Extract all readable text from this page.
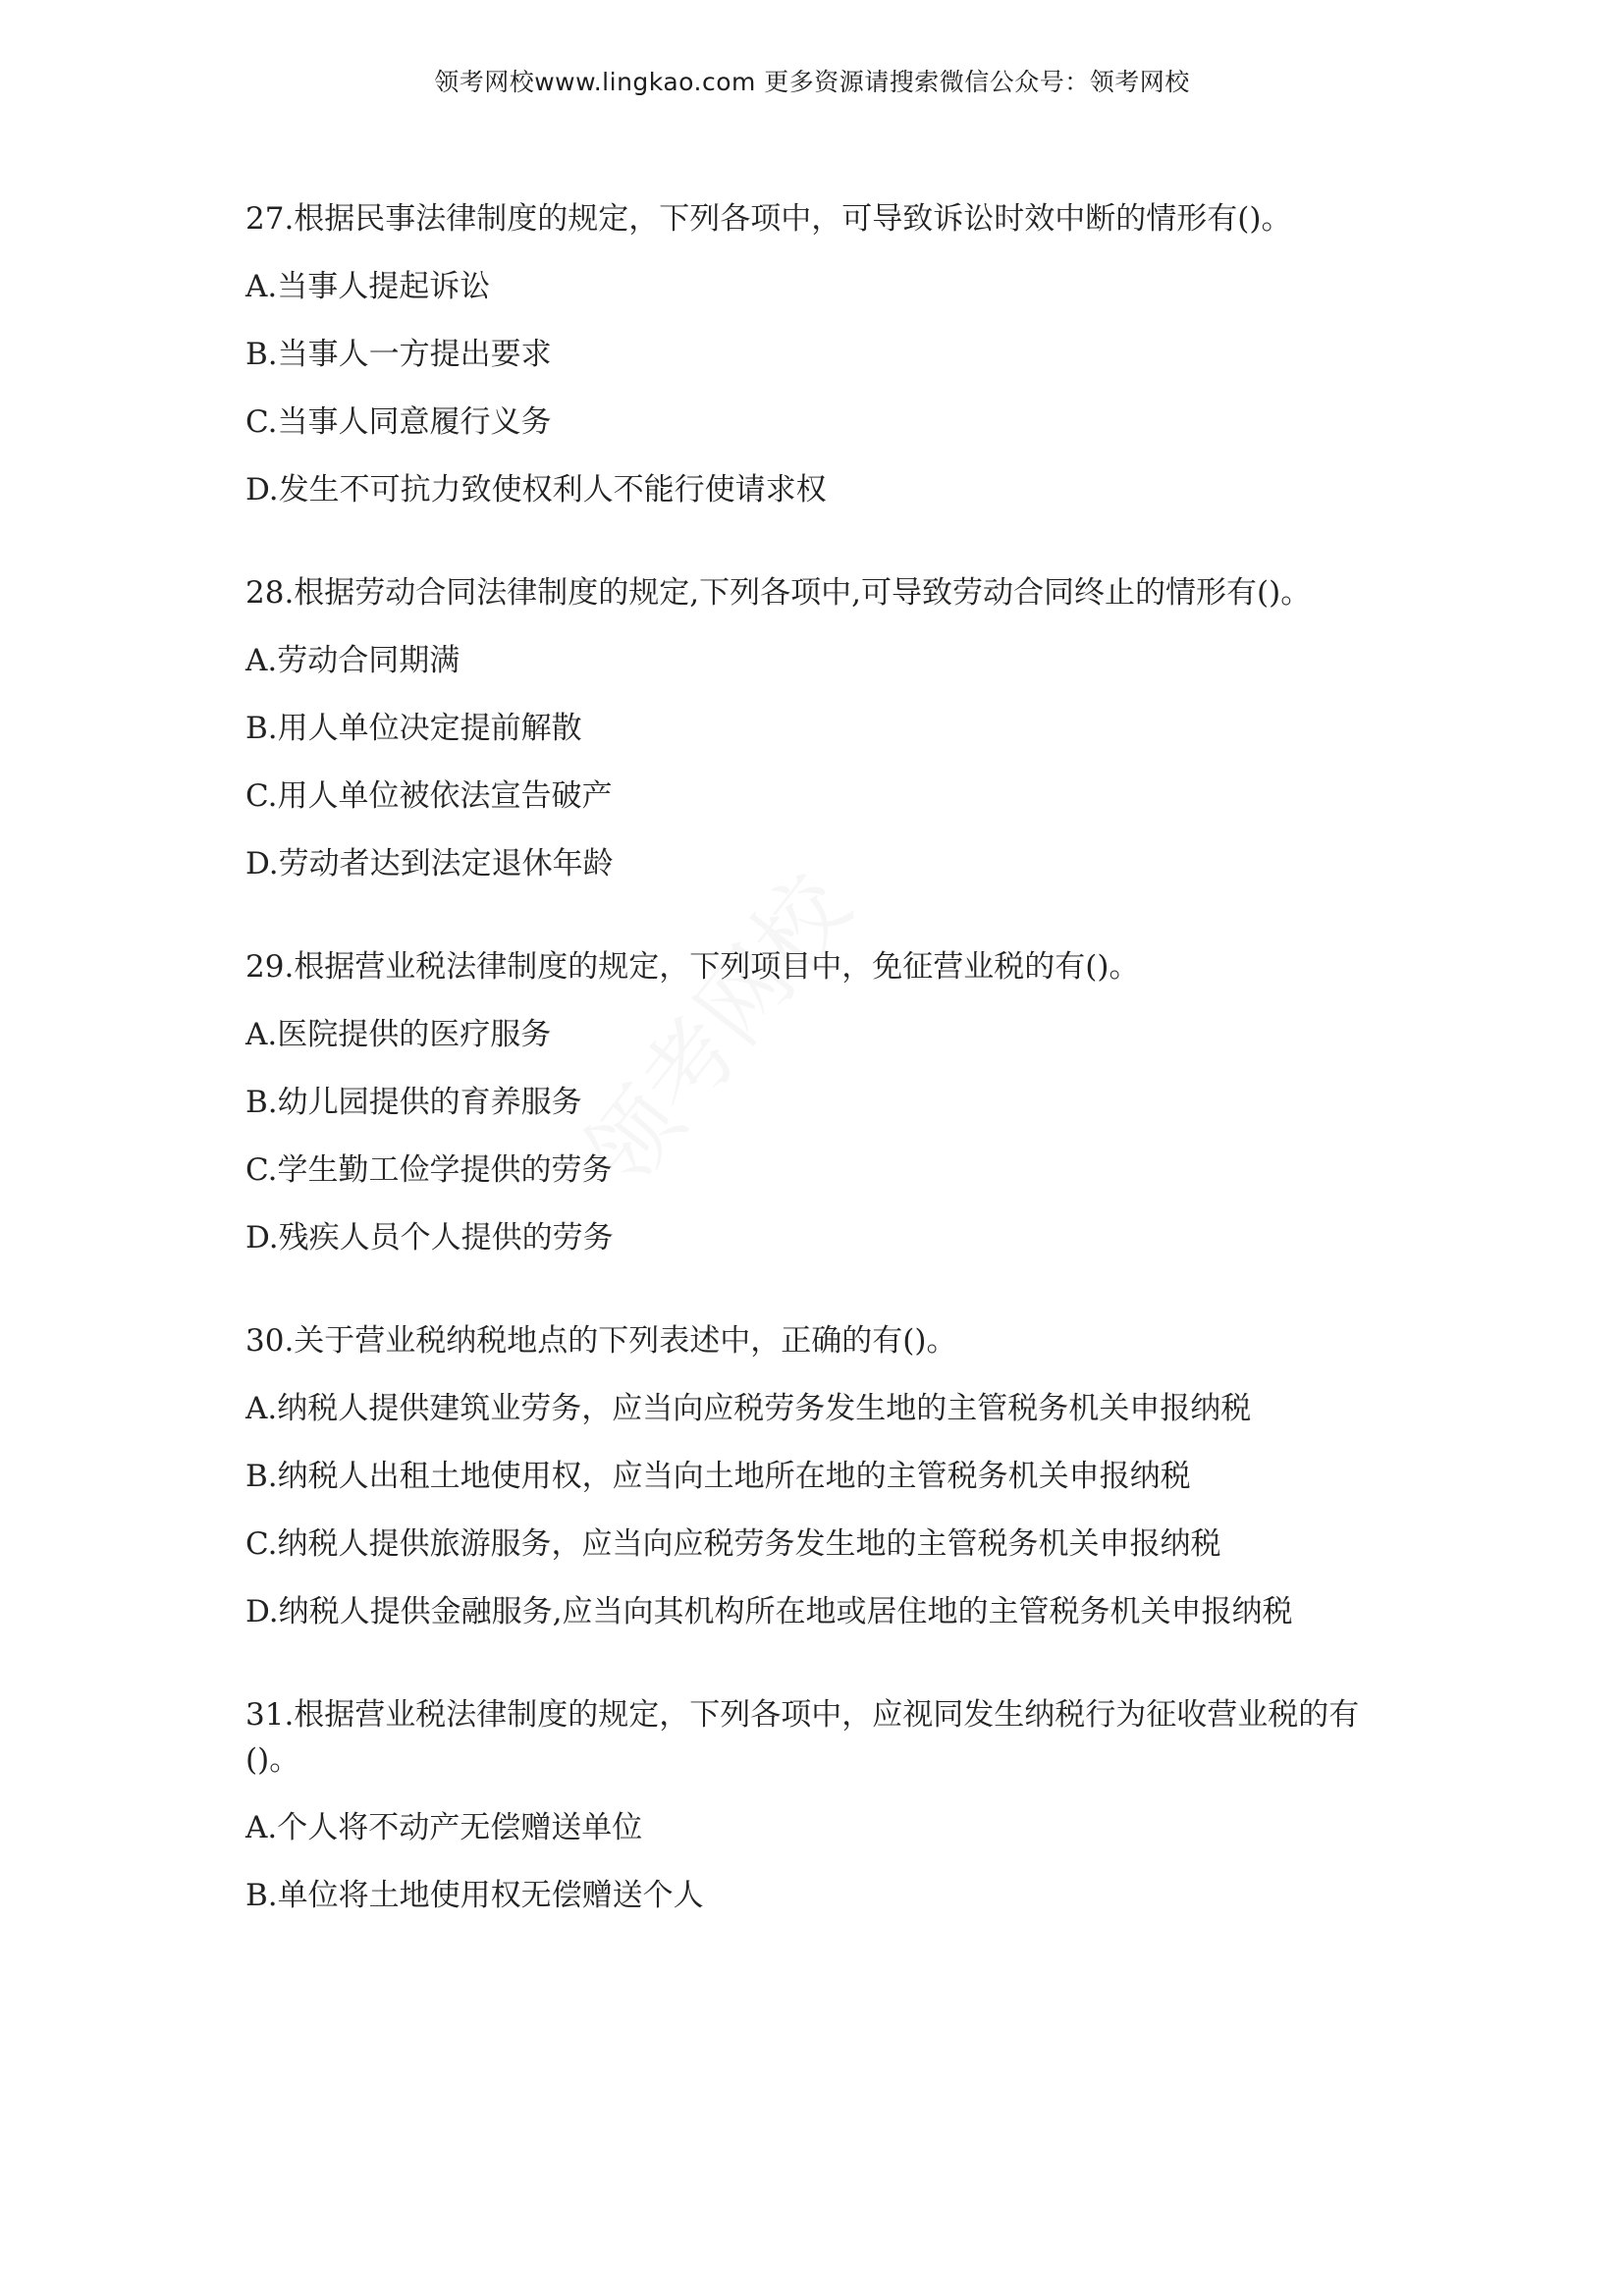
领考网校www.lingkao.com 更多资源请搜索微信公众号：领考网校

27.根据民事法律制度的规定，下列各项中，可导致诉讼时效中断的情形有()。

A.当事人提起诉讼

B.当事人一方提出要求

C.当事人同意履行义务

D.发生不可抗力致使权利人不能行使请求权

28.根据劳动合同法律制度的规定,下列各项中,可导致劳动合同终止的情形有()。

A.劳动合同期满

B.用人单位决定提前解散

C.用人单位被依法宣告破产

D.劳动者达到法定退休年龄

29.根据营业税法律制度的规定，下列项目中，免征营业税的有()。

A.医院提供的医疗服务

B.幼儿园提供的育养服务

C.学生勤工俭学提供的劳务

D.残疾人员个人提供的劳务

30.关于营业税纳税地点的下列表述中，正确的有()。

A.纳税人提供建筑业劳务，应当向应税劳务发生地的主管税务机关申报纳税

B.纳税人出租土地使用权，应当向土地所在地的主管税务机关申报纳税

C.纳税人提供旅游服务，应当向应税劳务发生地的主管税务机关申报纳税

D.纳税人提供金融服务,应当向其机构所在地或居住地的主管税务机关申报纳税

31.根据营业税法律制度的规定，下列各项中，应视同发生纳税行为征收营业税的有()。

A.个人将不动产无偿赠送单位

B.单位将土地使用权无偿赠送个人
